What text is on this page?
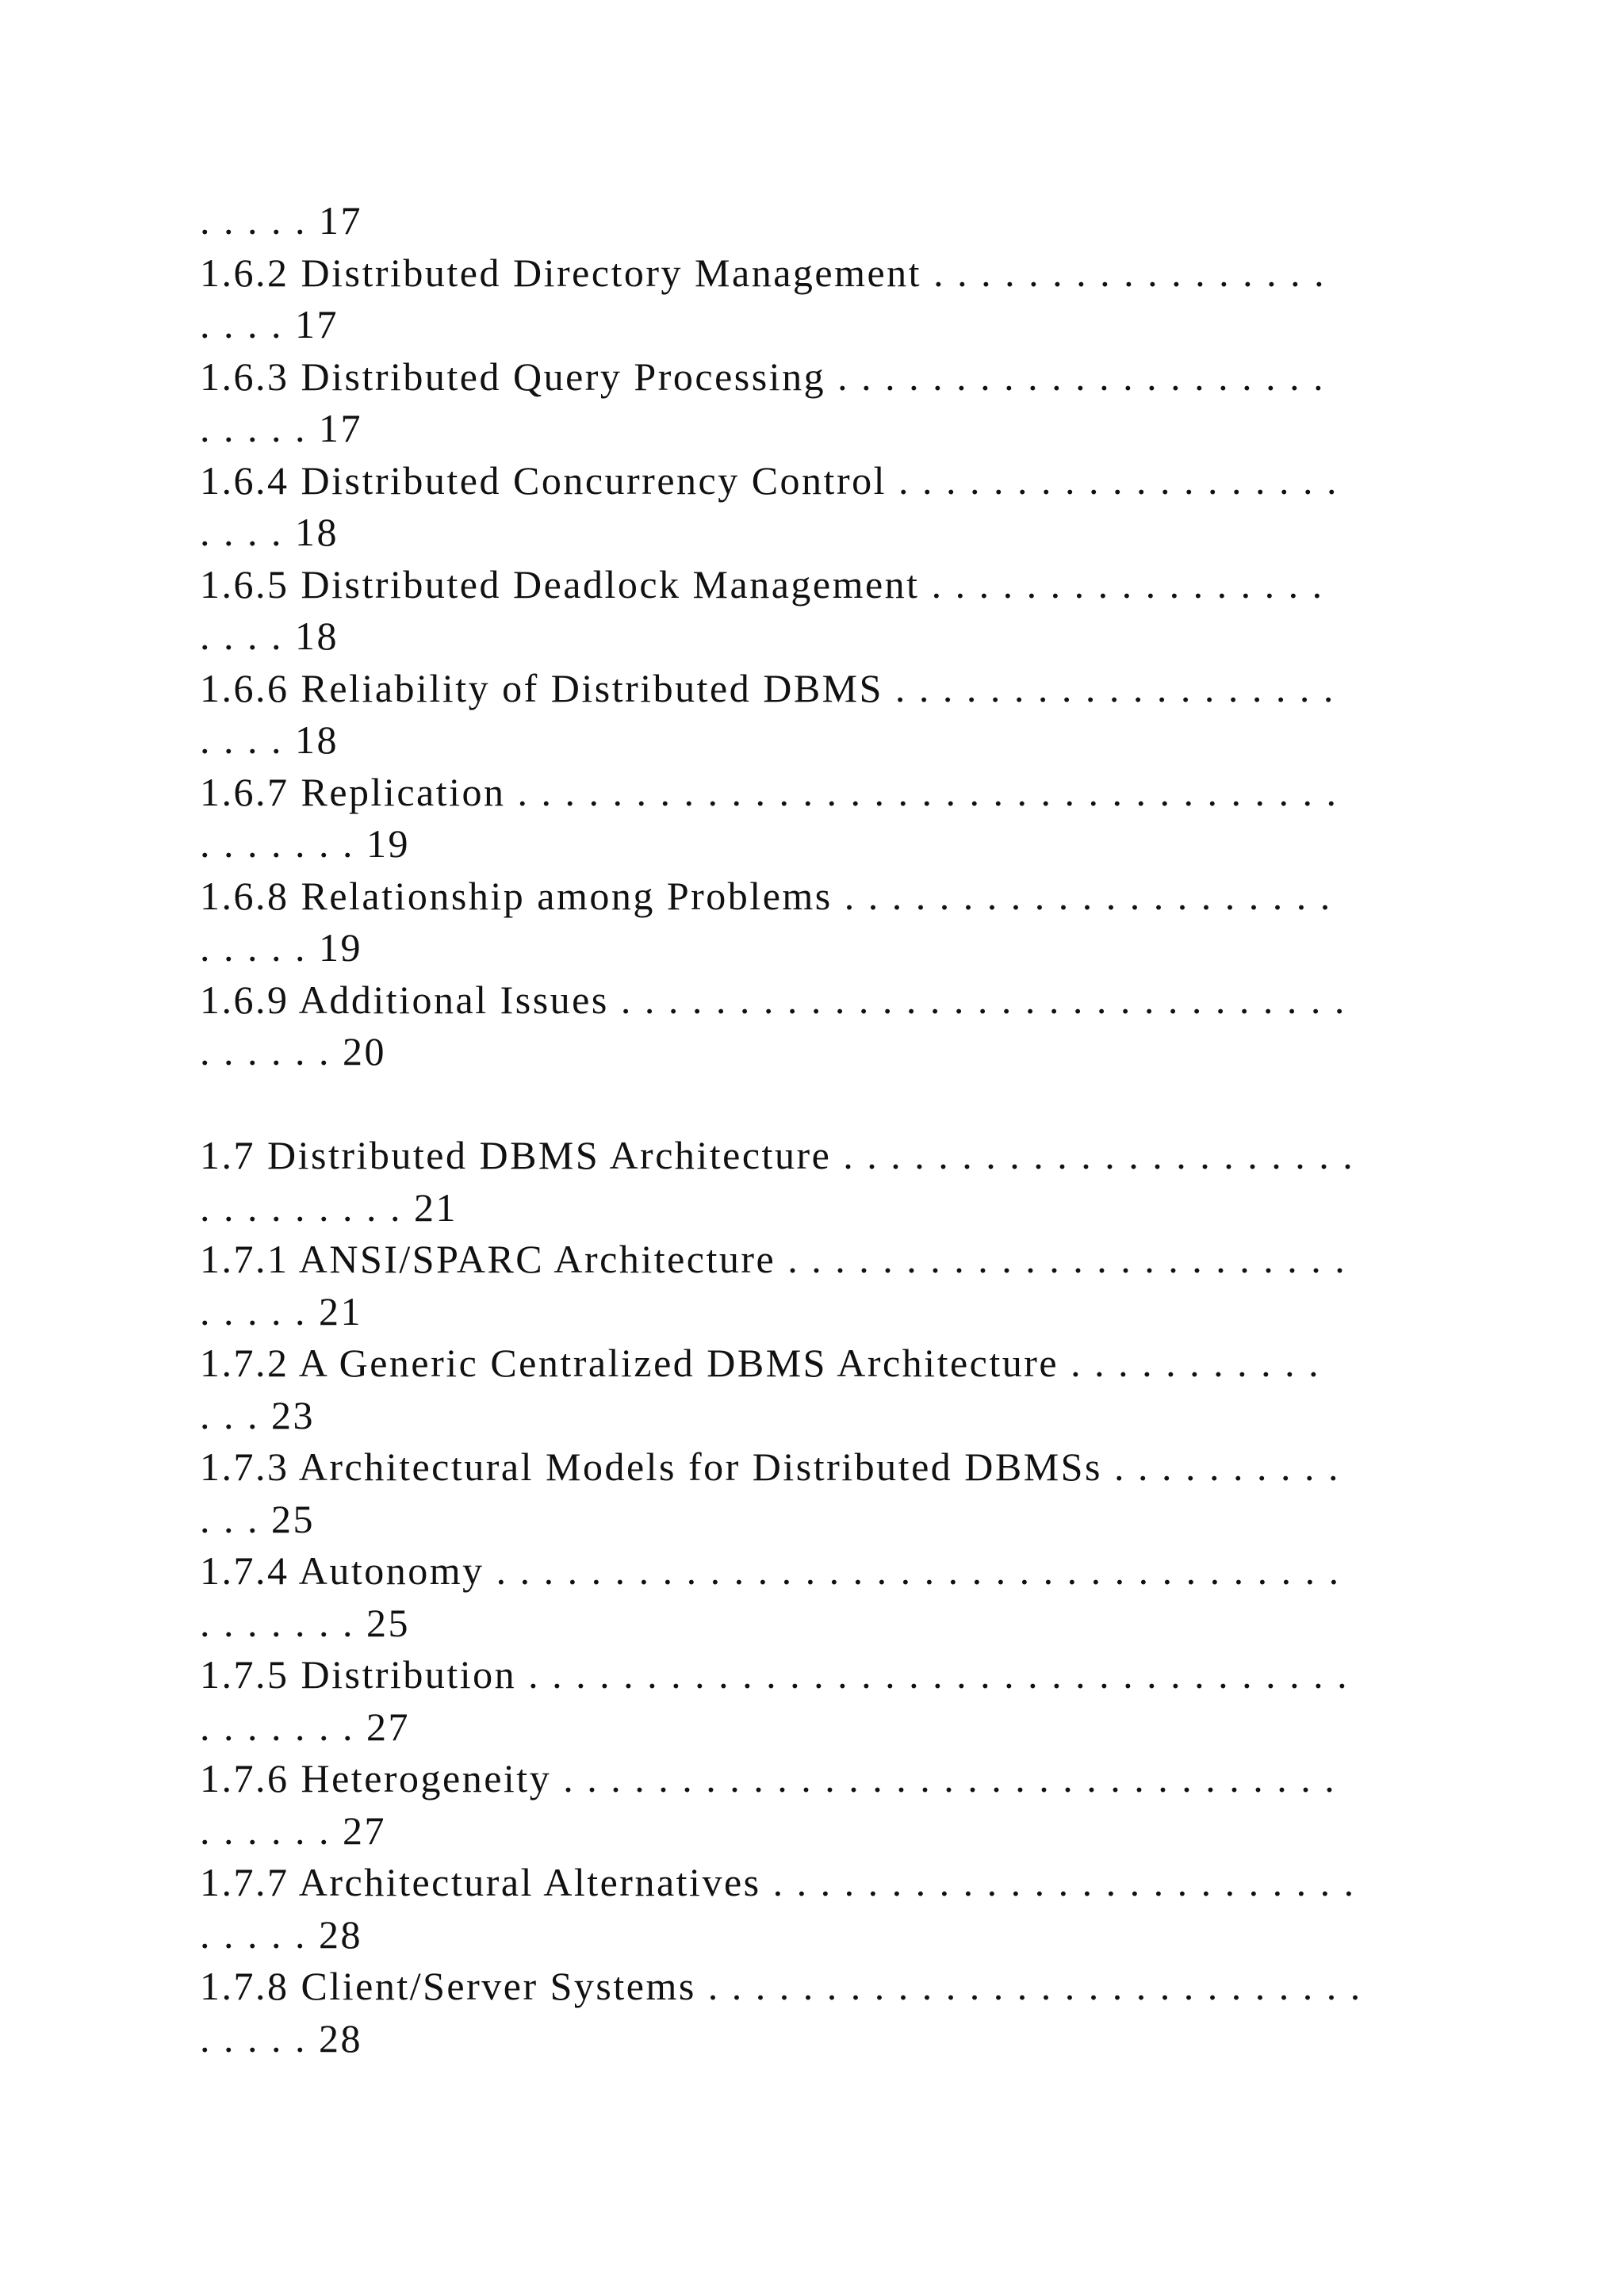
. . . . . 17
1.6.2 Distributed Directory Management . . . . . . . . . . . . . . . . .
. . . . 17
1.6.3 Distributed Query Processing . . . . . . . . . . . . . . . . . . . . .
. . . . . 17
1.6.4 Distributed Concurrency Control . . . . . . . . . . . . . . . . . . .
. . . . 18
1.6.5 Distributed Deadlock Management . . . . . . . . . . . . . . . . .
. . . . 18
1.6.6 Reliability of Distributed DBMS . . . . . . . . . . . . . . . . . . .
. . . . 18
1.6.7 Replication . . . . . . . . . . . . . . . . . . . . . . . . . . . . . . . . . . .
. . . . . . . 19
1.6.8 Relationship among Problems . . . . . . . . . . . . . . . . . . . . .
. . . . . 19
1.6.9 Additional Issues . . . . . . . . . . . . . . . . . . . . . . . . . . . . . . .
. . . . . . 20
1.7 Distributed DBMS Architecture . . . . . . . . . . . . . . . . . . . . . .
. . . . . . . . . 21
1.7.1 ANSI/SPARC Architecture . . . . . . . . . . . . . . . . . . . . . . . .
. . . . . 21
1.7.2 A Generic Centralized DBMS Architecture . . . . . . . . . . .
. . . 23
1.7.3 Architectural Models for Distributed DBMSs . . . . . . . . . .
. . . 25
1.7.4 Autonomy . . . . . . . . . . . . . . . . . . . . . . . . . . . . . . . . . . . .
. . . . . . . 25
1.7.5 Distribution . . . . . . . . . . . . . . . . . . . . . . . . . . . . . . . . . . .
. . . . . . . 27
1.7.6 Heterogeneity . . . . . . . . . . . . . . . . . . . . . . . . . . . . . . . . .
. . . . . . 27
1.7.7 Architectural Alternatives . . . . . . . . . . . . . . . . . . . . . . . . .
. . . . . 28
1.7.8 Client/Server Systems . . . . . . . . . . . . . . . . . . . . . . . . . . . .
. . . . . 28
